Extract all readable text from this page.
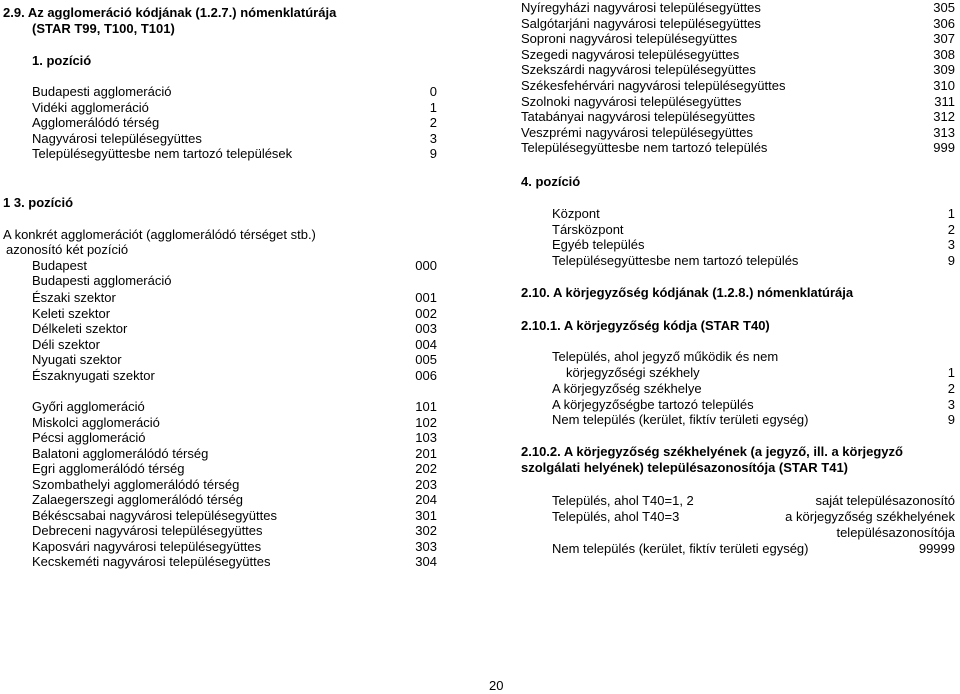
2.9. Az agglomeráció kódjának (1.2.7.) nómenklatúrája
(STAR T99, T100, T101)
1. pozíció
Budapesti agglomeráció	0
Vidéki agglomeráció	1
Agglomerálódó térség	2
Nagyvárosi településegyüttes	3
Településegyüttesbe nem tartozó települések	9
1 3. pozíció
A konkrét agglomerációt (agglomerálódó térséget stb.)
azonosító két pozíció
Budapest	000
Budapesti agglomeráció
Északi szektor	001
Keleti szektor	002
Délkeleti szektor	003
Déli szektor	004
Nyugati szektor	005
Északnyugati szektor	006
Győri agglomeráció	101
Miskolci agglomeráció	102
Pécsi agglomeráció	103
Balatoni agglomerálódó térség	201
Egri agglomerálódó térség	202
Szombathelyi agglomerálódó térség	203
Zalaegerszegi agglomerálódó térség	204
Békéscsabai nagyvárosi településegyüttes	301
Debreceni nagyvárosi településegyüttes	302
Kaposvári nagyvárosi településegyüttes	303
Kecskeméti nagyvárosi településegyüttes	304
Nyíregyházi nagyvárosi településegyüttes	305
Salgótarjáni nagyvárosi településegyüttes	306
Soproni nagyvárosi településegyüttes	307
Szegedi nagyvárosi településegyüttes	308
Szekszárdi nagyvárosi településegyüttes	309
Székesfehérvári nagyvárosi településegyüttes	310
Szolnoki nagyvárosi településegyüttes	311
Tatabányai nagyvárosi településegyüttes	312
Veszprémi nagyvárosi településegyüttes	313
Településegyüttesbe nem tartozó település	999
4. pozíció
Központ	1
Társközpont	2
Egyéb település	3
Településegyüttesbe nem tartozó település	9
2.10. A körjegyzőség kódjának (1.2.8.) nómenklatúrája
2.10.1. A körjegyzőség kódja (STAR T40)
Település, ahol jegyző működik és nem
körjegyzőségi székhely	1
A körjegyzőség székhelye	2
A körjegyzőségbe tartozó település	3
Nem település (kerület, fiktív területi egység)	9
2.10.2. A körjegyzőség székhelyének (a jegyző, ill. a körjegyző
szolgálati helyének) településazonosítója (STAR T41)
Település, ahol T40=1, 2	saját településazonosító
Település, ahol T40=3	a körjegyzőség székhelyének
településazonosítója
Nem település (kerület, fiktív területi egység)	99999
20
